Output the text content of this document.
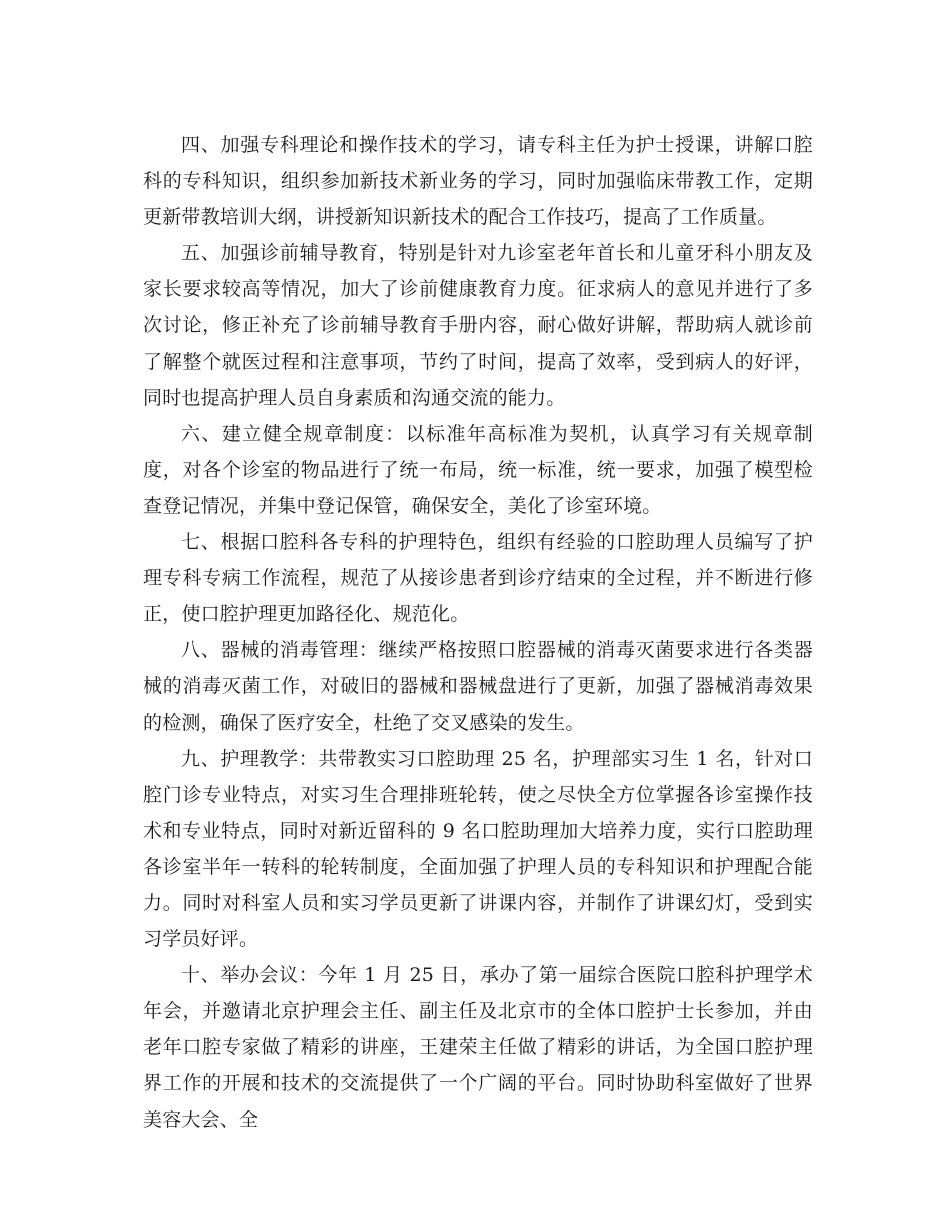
四、加强专科理论和操作技术的学习，请专科主任为护士授课，讲解口腔科的专科知识，组织参加新技术新业务的学习，同时加强临床带教工作，定期更新带教培训大纲，讲授新知识新技术的配合工作技巧，提高了工作质量。

五、加强诊前辅导教育，特别是针对九诊室老年首长和儿童牙科小朋友及家长要求较高等情况，加大了诊前健康教育力度。征求病人的意见并进行了多次讨论，修正补充了诊前辅导教育手册内容，耐心做好讲解，帮助病人就诊前了解整个就医过程和注意事项，节约了时间，提高了效率，受到病人的好评，同时也提高护理人员自身素质和沟通交流的能力。

六、建立健全规章制度：以标准年高标准为契机，认真学习有关规章制度，对各个诊室的物品进行了统一布局，统一标准，统一要求，加强了模型检查登记情况，并集中登记保管，确保安全，美化了诊室环境。

七、根据口腔科各专科的护理特色，组织有经验的口腔助理人员编写了护理专科专病工作流程，规范了从接诊患者到诊疗结束的全过程，并不断进行修正，使口腔护理更加路径化、规范化。

八、器械的消毒管理：继续严格按照口腔器械的消毒灭菌要求进行各类器械的消毒灭菌工作，对破旧的器械和器械盘进行了更新，加强了器械消毒效果的检测，确保了医疗安全，杜绝了交叉感染的发生。

九、护理教学：共带教实习口腔助理 25 名，护理部实习生 1 名，针对口腔门诊专业特点，对实习生合理排班轮转，使之尽快全方位掌握各诊室操作技术和专业特点，同时对新近留科的 9 名口腔助理加大培养力度，实行口腔助理各诊室半年一转科的轮转制度，全面加强了护理人员的专科知识和护理配合能力。同时对科室人员和实习学员更新了讲课内容，并制作了讲课幻灯，受到实习学员好评。

十、举办会议：今年 1 月 25 日，承办了第一届综合医院口腔科护理学术年会，并邀请北京护理会主任、副主任及北京市的全体口腔护士长参加，并由老年口腔专家做了精彩的讲座，王建荣主任做了精彩的讲话，为全国口腔护理界工作的开展和技术的交流提供了一个广阔的平台。同时协助科室做好了世界美容大会、全
